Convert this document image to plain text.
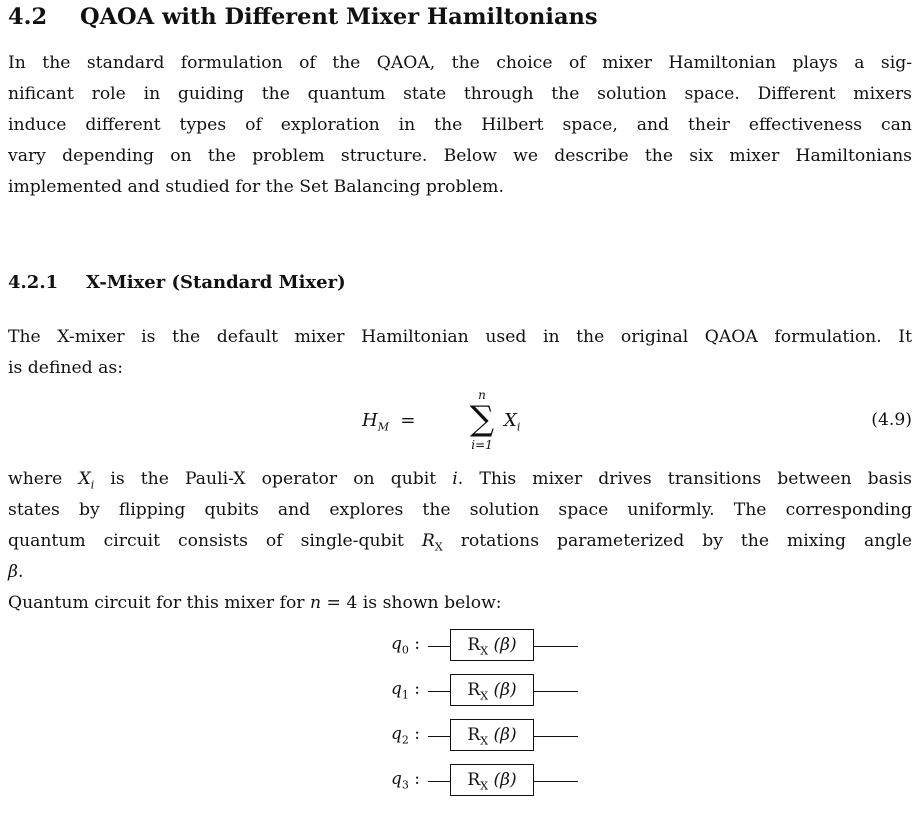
4.2 QAOA with Different Mixer Hamiltonians
In the standard formulation of the QAOA, the choice of mixer Hamiltonian plays a sig-
nificant role in guiding the quantum state through the solution space. Different mixers
induce different types of exploration in the Hilbert space, and their effectiveness can
vary depending on the problem structure. Below we describe the six mixer Hamiltonians
implemented and studied for the Set Balancing problem.
4.2.1 X-Mixer (Standard Mixer)
The X-mixer is the default mixer Hamiltonian used in the original QAOA formulation. It
is defined as:
$H_M$ =
n
∑
i=1
$X_i$	(4.9)
where $X_i$ is the Pauli-X operator on qubit i. This mixer drives transitions between basis
states by flipping qubits and explores the solution space uniformly. The corresponding
quantum circuit consists of single-qubit $R_X$ rotations parameterized by the mixing angle
β.
Quantum circuit for this mixer for n = 4 is shown below:
$q_0$ :	$R_X$ (β)
$q_1$ :	$R_X$ (β)
$q_2$ :	$R_X$ (β)
$q_3$ :	$R_X$ (β)
